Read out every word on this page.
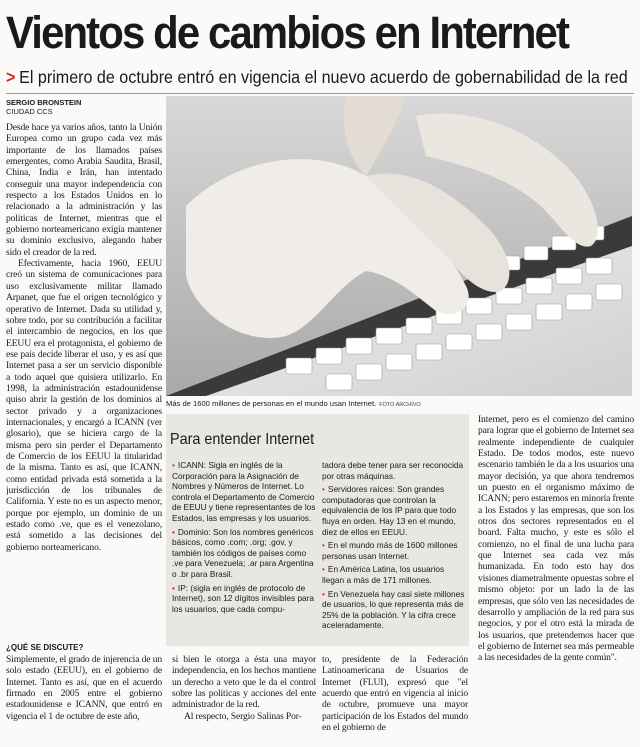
Vientos de cambios en Internet
> El primero de octubre entró en vigencia el nuevo acuerdo de gobernabilidad de la red
SERGIO BRONSTEIN
CIUDAD CCS

Desde hace ya varios años, tanto la Unión Europea como un grupo cada vez más importante de los llamados países emergentes, como Arabia Saudita, Brasil, China, India e Irán, han intentado conseguir una mayor independencia con respecto a los Estados Unidos en lo relacionado a la administración y las políticas de Internet, mientras que el gobierno norteamericano exigía mantener su dominio exclusivo, alegando haber sido el creador de la red.

Efectivamente, hacia 1960, EEUU creó un sistema de comunicaciones para uso exclusivamente militar llamado Arpanet, que fue el origen tecnológico y operativo de Internet. Dada su utilidad y, sobre todo, por su contribución a facilitar el intercambio de negocios, en los que EEUU era el protagonista, el gobierno de ese país decide liberar el uso, y es así que Internet pasa a ser un servicio disponible a todo aquel que quisiera utilizarlo. En 1998, la administración estadounidense quiso abrir la gestión de los dominios al sector privado y a organizaciones internacionales, y encargó a ICANN (ver glosario), que se hiciera cargo de la misma pero sin perder el Departamento de Comercio de los EEUU la titularidad de la misma. Tanto es así, que ICANN, como entidad privada está sometida a la jurisdicción de los tribunales de California. Y este no es un aspecto menor, porque por ejemplo, un dominio de un estado como .ve, que es el venezolano, está sometido a las decisiones del gobierno norteamericano.

Más de 1600 millones de personas en el mundo usan Internet. FOTO ARCHIVO
Para entender Internet
• ICANN: Sigla en inglés de la Corporación para la Asignación de Nombres y Números de Internet. Lo controla el Departamento de Comercio de EEUU y tiene representantes de los Estados, las empresas y los usuarios.
• Dominio: Son los nombres genéricos básicos, como .com; .org; .gov, y también los códigos de países como .ve para Venezuela; .ar para Argentina o .br para Brasil.
• IP: (sigla en inglés de protocolo de Internet), son 12 dígitos invisibles para los usuarios, que cada compu-
tadora debe tener para ser reconocida por otras máquinas.
• Servidores raíces: Son grandes computadoras que controlan la equivalencia de los IP para que todo fluya en orden. Hay 13 en el mundo, diez de ellos en EEUU.
• En el mundo más de 1600 millones personas usan Internet.
• En América Latina, los usuarios llegan a más de 171 millones.
• En Venezuela hay casi siete millones de usuarios, lo que representa más de 25% de la población. Y la cifra crece aceleradamente.
¿QUÉ SE DISCUTE?

Simplemente, el grado de injerencia de un solo estado (EEUU), en el gobierno de Internet. Tanto es así, que en el acuerdo firmado en 2005 entre el gobierno estadounidense e ICANN, que entró en vigencia el 1 de octubre de este año,

si bien le otorga a ésta una mayor independencia, en los hechos mantiene un derecho a veto que le da el control sobre las políticas y acciones del ente administrador de la red.

Al respecto, Sergio Salinas Por-

to, presidente de la Federación Latinoamericana de Usuarios de Internet (FLUI), expresó que "el acuerdo que entró en vigencia al inicio de octubre, promueve una mayor participación de los Estados del mundo en el gobierno de

Internet, pero es el comienzo del camino para lograr que el gobierno de Internet sea realmente independiente de cualquier Estado. De todos modos, este nuevo escenario también le da a los usuarios una mayor decisión, ya que ahora tendremos un puesto en el organismo máximo de ICANN; pero estaremos en minoría frente a los Estados y las empresas, que son los otros dos sectores representados en el board. Falta mucho, y este es sólo el comienzo, no el final de una lucha para que Internet sea cada vez más humanizada. En todo esto hay dos visiones diametralmente opuestas sobre el mismo objeto: por un lado la de las empresas, que sólo ven las necesidades de desarrollo y ampliación de la red para sus negocios, y por el otro está la mirada de los usuarios, que pretendemos hacer que el gobierno de Internet sea más permeable a las necesidades de la gente común".
